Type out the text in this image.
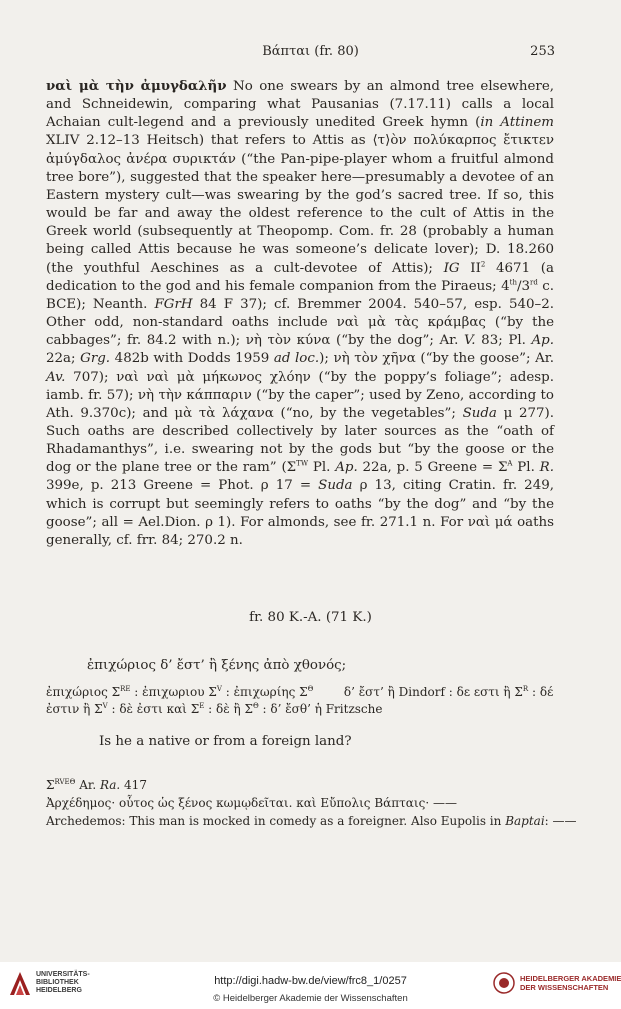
Βάπται (fr. 80)	253

ναὶ μὰ τὴν ἀμυγδαλῆν No one swears by an almond tree elsewhere, and Schneidewin, comparing what Pausanias (7.17.11) calls a local Achaian cult-legend and a previously unedited Greek hymn (in Attinem XLIV 2.12–13 Heitsch) that refers to Attis as ⟨τ⟩ὸν πολύκαρπος ἔτικτεν ἀμύγδαλος ἀνέρα συρικτάν (“the Pan-pipe-player whom a fruitful almond tree bore”), suggested that the speaker here—presumably a devotee of an Eastern mystery cult—was swearing by the god’s sacred tree. If so, this would be far and away the oldest reference to the cult of Attis in the Greek world (subsequently at Theopomp. Com. fr. 28 (probably a human being called Attis because he was someone’s delicate lover); D. 18.260 (the youthful Aeschines as a cult-devotee of Attis); IG $II^2$ 4671 (a dedication to the god and his female companion from the Piraeus; 4th/3rd c. BCE); Neanth. FGrH 84 F 37); cf. Bremmer 2004. 540–57, esp. 540–2. Other odd, non-standard oaths include ναὶ μὰ τὰς κράμβας (“by the cabbages”; fr. 84.2 with n.); νὴ τὸν κύνα (“by the dog”; Ar. V. 83; Pl. Ap. 22a; Grg. 482b with Dodds 1959 ad loc.); νὴ τὸν χῆνα (“by the goose”; Ar. Av. 707); ναὶ ναὶ μὰ μήκωνος χλόην (“by the poppy’s foliage”; adesp. iamb. fr. 57); νὴ τὴν κάππαριν (“by the caper”; used by Zeno, according to Ath. 9.370c); and μὰ τὰ λάχανα (“no, by the vegetables”; Suda μ 277). Such oaths are described collectively by later sources as the “oath of Rhadamanthys”, i.e. swearing not by the gods but “by the goose or the dog or the plane tree or the ram” ($\Sigma^{TW}$ Pl. Ap. 22a, p. 5 Greene = $\Sigma^A$ Pl. R. 399e, p. 213 Greene = Phot. ρ 17 = Suda ρ 13, citing Cratin. fr. 249, which is corrupt but seemingly refers to oaths “by the dog” and “by the goose”; all = Ael.Dion. ρ 1). For almonds, see fr. 271.1 n. For ναὶ μά oaths generally, cf. frr. 84; 270.2 n.

fr. 80 K.-A. (71 K.)
ἐπιχώριος δ’ ἔστ’ ἢ ξένης ἀπὸ χθονός;
ἐπιχώριος $\Sigma^{RE}$ : ἐπιχωριου $\Sigma^V$ : ἐπιχωρίης $\Sigma^\Theta$        δ’ ἔστ’ ἢ Dindorf : δε εστι ἢ $\Sigma^R$ : δέ
ἐστιν ἢ $\Sigma^V$ : δὲ ἐστι καὶ $\Sigma^E$ : δὲ ἢ $\Sigma^\Theta$ : δ’ ἔσθ’ ἡ Fritzsche
Is he a native or from a foreign land?
$\Sigma^{RVE\Theta}$ Ar. Ra. 417
Ἀρχέδημος· οὗτος ὡς ξένος κωμῳδεῖται. καὶ Εὔπολις Βάπταις· ——
Archedemos: This man is mocked in comedy as a foreigner. Also Eupolis in Baptai: ——
UNIVERSITÄTS-
BIBLIOTHEK
HEIDELBERG
http://digi.hadw-bw.de/view/frc8_1/0257
© Heidelberger Akademie der Wissenschaften
HEIDELBERGER AKADEMIE
DER WISSENSCHAFTEN
